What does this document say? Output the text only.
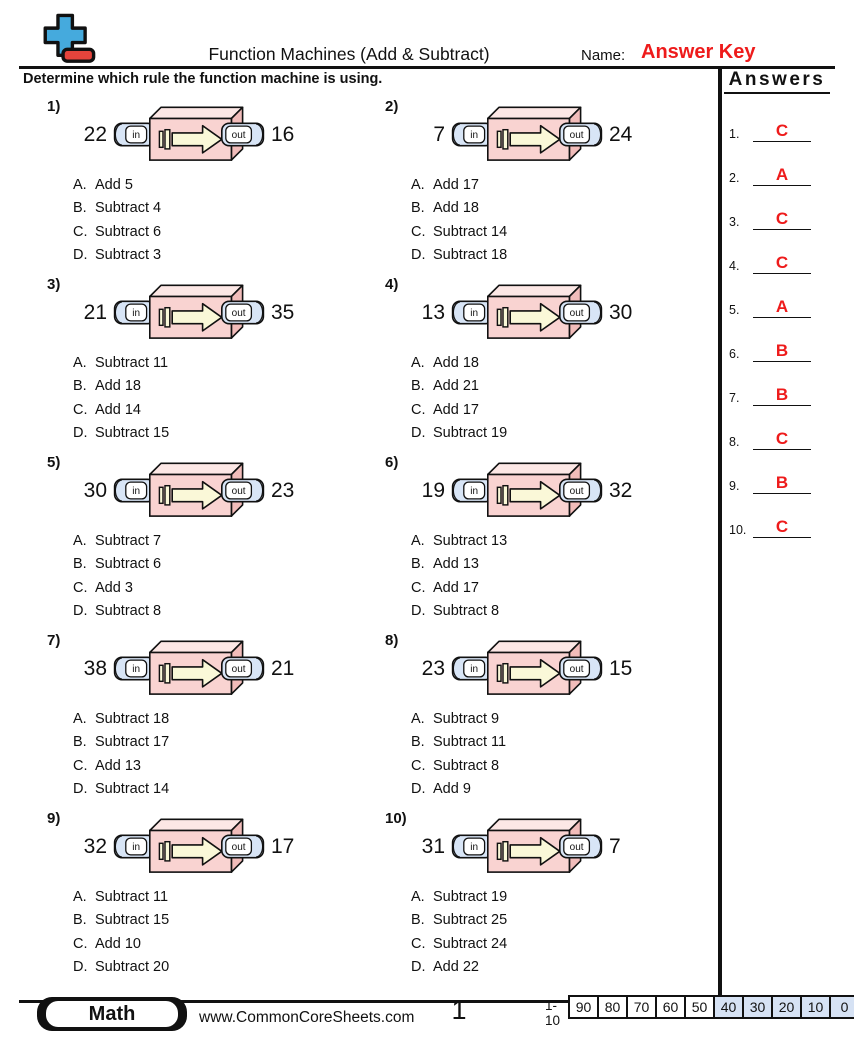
Function Machines (Add & Subtract)	Name: Answer Key
Determine which rule the function machine is using.	Answers
1.	C
2.	A
3.	C
4.	C
5.	A
6.	B
7.	B
8.	C
9.	B
10. C
1)
22 in	out 16
A. Add 5
B. Subtract 4
C. Subtract 6
D. Subtract 3
2)
7 in	out 24
A. Add 17
B. Add 18
C. Subtract 14
D. Subtract 18
3)
21 in	out 35
A. Subtract 11
B. Add 18
C. Add 14
D. Subtract 15
4)
13 in	out 30
A. Add 18
B. Add 21
C. Add 17
D. Subtract 19
5)
30 in	out 23
A. Subtract 7
B. Subtract 6
C. Add 3
D. Subtract 8
6)
19 in	out 32
A. Subtract 13
B. Add 13
C. Add 17
D. Subtract 8
7)
38 in	out 21
A. Subtract 18
B. Subtract 17
C. Add 13
D. Subtract 14
8)
23 in	out 15
A. Subtract 9
B. Subtract 11
C. Subtract 8
D. Add 9
9)
32 in	out 17
A. Subtract 11
B. Subtract 15
C. Add 10
D. Subtract 20
10)
31 in	out 7
A. Subtract 19
B. Subtract 25
C. Subtract 24
D. Add 22
Math	www.CommonCoreSheets.com	1	1-10
90 80 70 60 50 40 30 20 10	0
